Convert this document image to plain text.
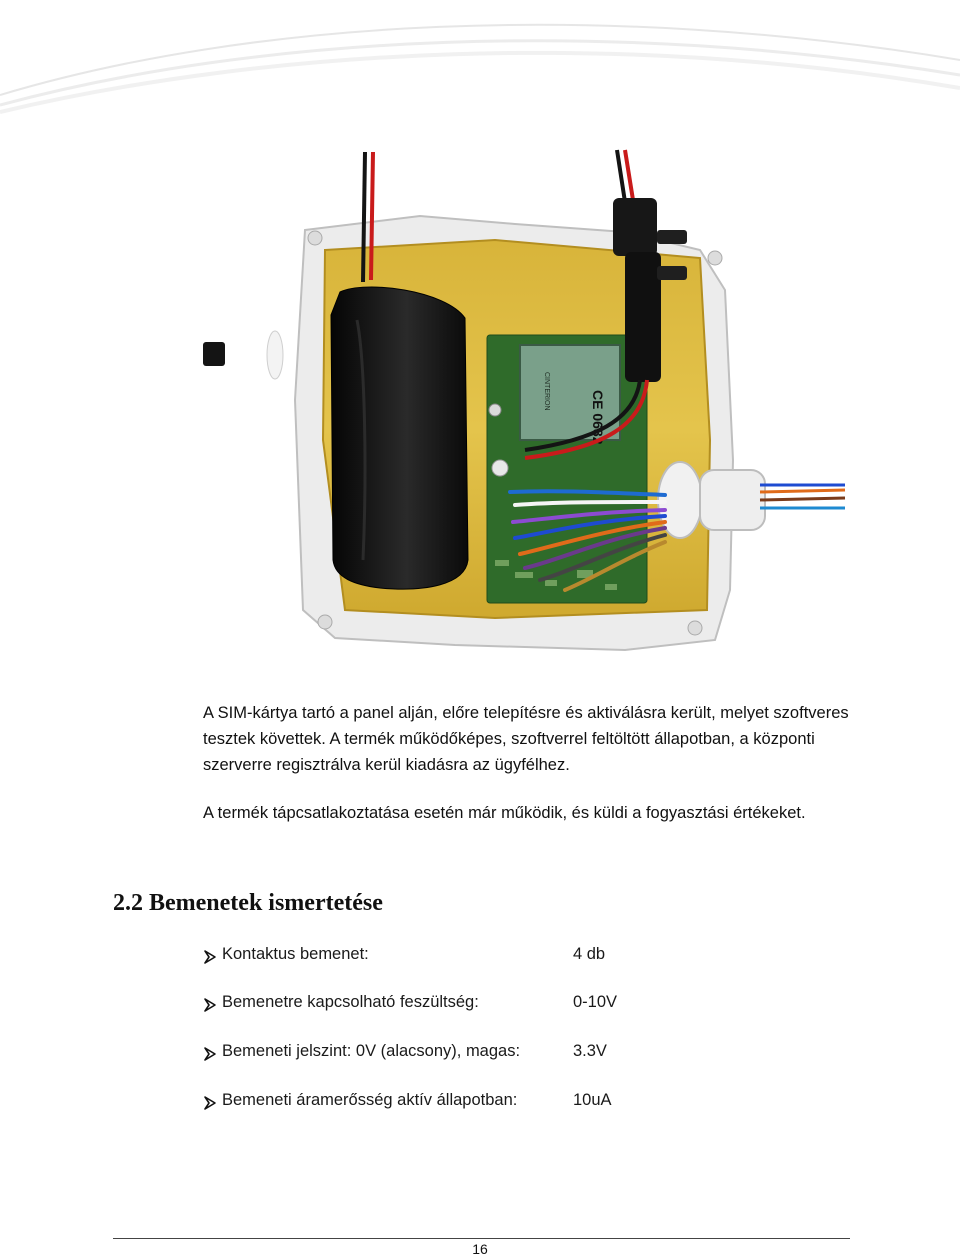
CE 0682
CINTERION
A SIM-kártya tartó a panel alján, előre telepítésre és aktiválásra került, melyet szoftveres tesztek követtek. A termék működőképes, szoftverrel feltöltött állapotban, a központi szerverre regisztrálva kerül kiadásra az ügyfélhez.
A termék tápcsatlakoztatása esetén már működik, és küldi a fogyasztási értékeket.
2.2 Bemenetek ismertetése
Kontaktus bemenet:	4 db
Bemenetre kapcsolható feszültség:	0-10V
Bemeneti jelszint: 0V (alacsony), magas:	3.3V
Bemeneti áramerősség aktív állapotban:	10uA
16
